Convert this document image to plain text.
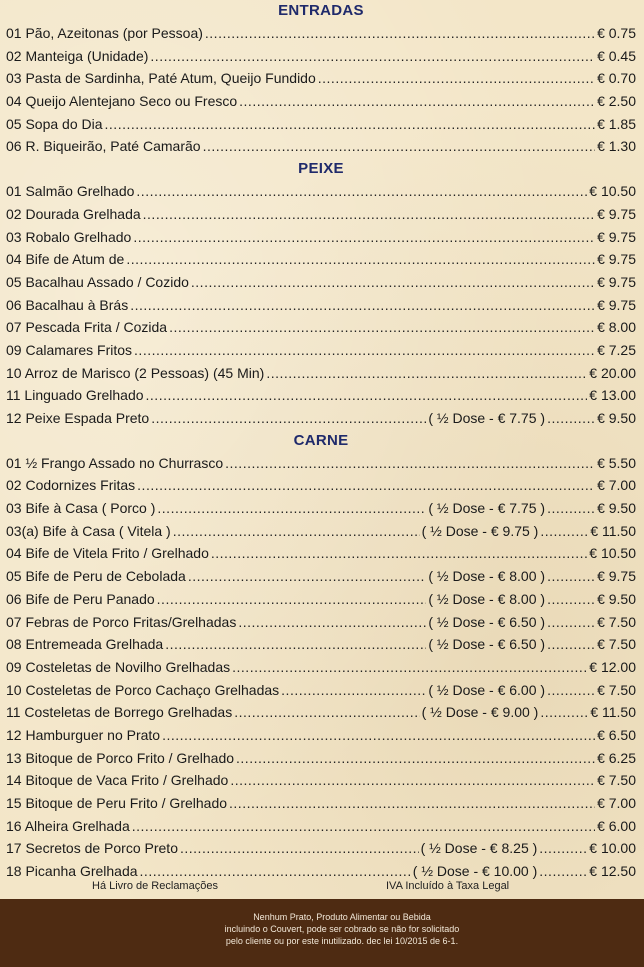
ENTRADAS
01 Pão, Azeitonas (por Pessoa) .....	€ 0.75
02 Manteiga (Unidade) .....	€ 0.45
03 Pasta de Sardinha, Paté Atum, Queijo Fundido .....	€ 0.70
04 Queijo Alentejano Seco ou Fresco .....	€ 2.50
05 Sopa do Dia .....	€ 1.85
06 R. Biqueirão, Paté Camarão .....	€ 1.30
PEIXE
01 Salmão Grelhado .....	€ 10.50
02 Dourada Grelhada .....	€ 9.75
03 Robalo Grelhado .....	€ 9.75
04 Bife de Atum de .....	€ 9.75
05 Bacalhau Assado / Cozido .....	€ 9.75
06 Bacalhau à Brás .....	€ 9.75
07 Pescada Frita / Cozida .....	€ 8.00
09 Calamares Fritos .....	€ 7.25
10 Arroz de Marisco (2 Pessoas) (45 Min) .....	€ 20.00
11 Linguado Grelhado .....	€ 13.00
12 Peixe Espada Preto .....	( ½ Dose - € 7.75 ) .....	€ 9.50
CARNE
01 ½ Frango Assado no Churrasco .....	€ 5.50
02 Codornizes Fritas .....	€ 7.00
03 Bife à Casa ( Porco ) .....	( ½ Dose - € 7.75 ) .....	€ 9.50
03(a) Bife à Casa ( Vitela ) .....	( ½ Dose - € 9.75 ) .....	€ 11.50
04 Bife de Vitela Frito / Grelhado .....	€ 10.50
05 Bife de Peru de Cebolada .....	( ½ Dose - € 8.00 ) .....	€ 9.75
06 Bife de Peru Panado .....	( ½ Dose - € 8.00 ) .....	€ 9.50
07 Febras de Porco Fritas/Grelhadas .....	( ½ Dose - € 6.50 ) .....	€ 7.50
08 Entremeada Grelhada .....	( ½ Dose - € 6.50 ) .....	€ 7.50
09 Costeletas de Novilho Grelhadas .....	€ 12.00
10 Costeletas de Porco Cachaço Grelhadas .....	( ½ Dose - € 6.00 ) .....	€ 7.50
11 Costeletas de Borrego Grelhadas .....	( ½ Dose - € 9.00 ) .....	€ 11.50
12 Hamburguer no Prato .....	€ 6.50
13 Bitoque de Porco Frito / Grelhado .....	€ 6.25
14 Bitoque de Vaca Frito / Grelhado .....	€ 7.50
15 Bitoque de Peru Frito / Grelhado .....	€ 7.00
16 Alheira Grelhada .....	€ 6.00
17 Secretos de Porco Preto .....	( ½ Dose - € 8.25 ) .....	€ 10.00
18 Picanha Grelhada .....	( ½ Dose - € 10.00 ) .....	€ 12.50
Há Livro de Reclamações	IVA Incluído à Taxa Legal
Nenhum Prato, Produto Alimentar ou Bebida
incluindo o Couvert, pode ser cobrado se não for solicitado
pelo cliente ou por este inutilizado. dec lei 10/2015 de 6-1.
